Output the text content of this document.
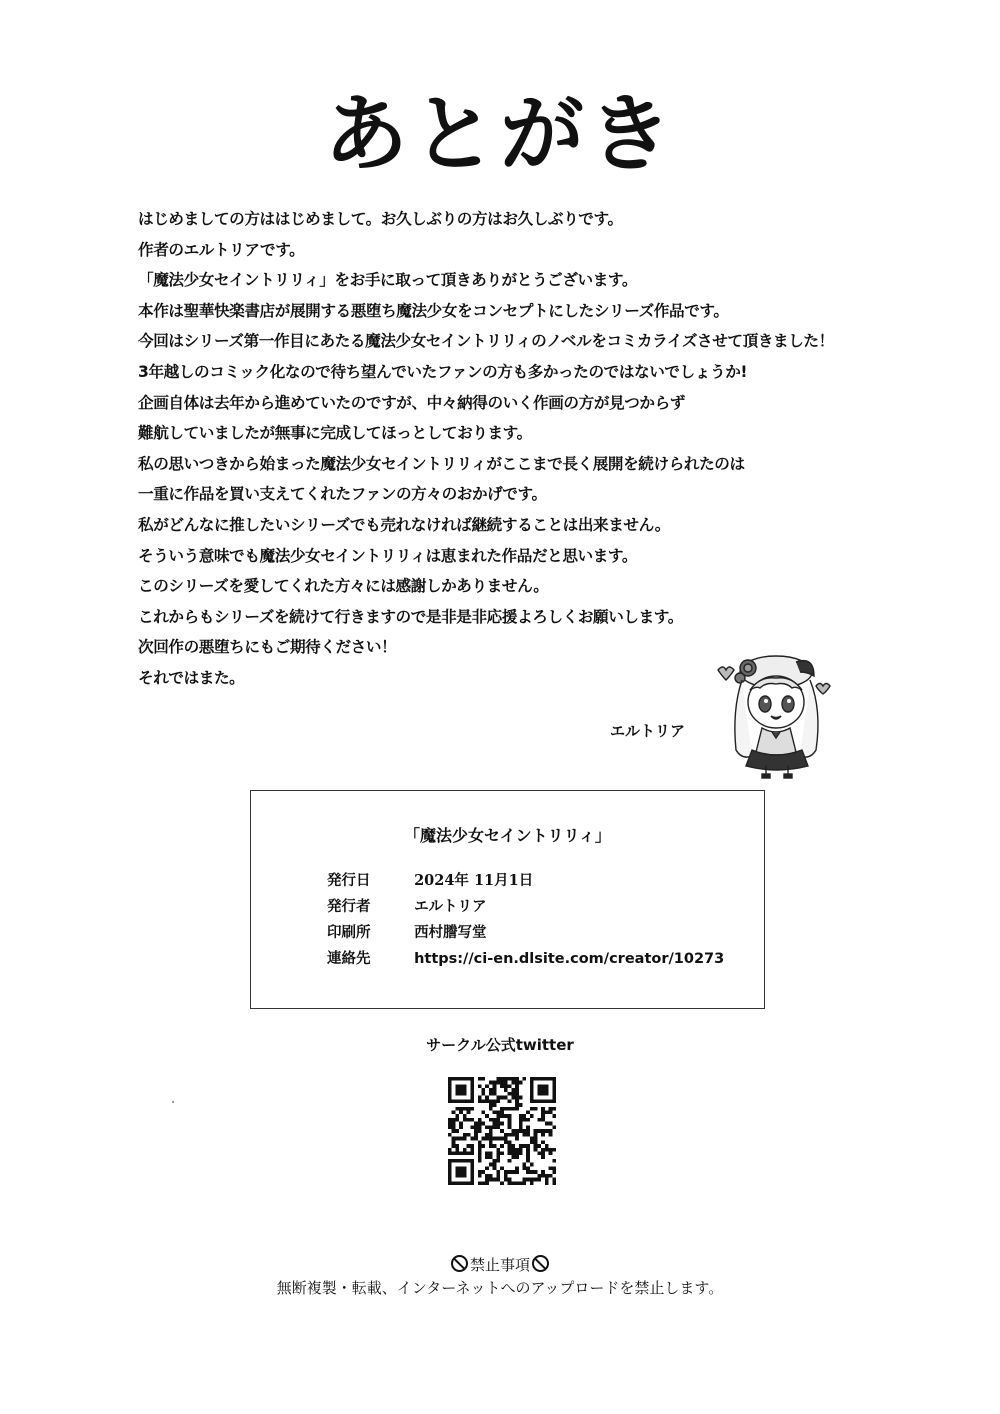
あとがき
はじめましての方ははじめまして。お久しぶりの方はお久しぶりです。
作者のエルトリアです。
「魔法少女セイントリリィ」をお手に取って頂きありがとうございます。
本作は聖華快楽書店が展開する悪堕ち魔法少女をコンセプトにしたシリーズ作品です。
今回はシリーズ第一作目にあたる魔法少女セイントリリィのノベルをコミカライズさせて頂きました！
3年越しのコミック化なので待ち望んでいたファンの方も多かったのではないでしょうか!
企画自体は去年から進めていたのですが、中々納得のいく作画の方が見つからず
難航していましたが無事に完成してほっとしております。
私の思いつきから始まった魔法少女セイントリリィがここまで長く展開を続けられたのは
一重に作品を買い支えてくれたファンの方々のおかげです。
私がどんなに推したいシリーズでも売れなければ継続することは出来ません。
そういう意味でも魔法少女セイントリリィは恵まれた作品だと思います。
このシリーズを愛してくれた方々には感謝しかありません。
これからもシリーズを続けて行きますので是非是非応援よろしくお願いします。
次回作の悪堕ちにもご期待ください！
それではまた。
エルトリア
「魔法少女セイントリリィ」
発行日	2024年 11月1日
発行者	エルトリア
印刷所	西村謄写堂
連絡先	https://ci-en.dlsite.com/creator/10273
サークル公式twitter
禁止事項
無断複製・転載、インターネットへのアップロードを禁止します。
